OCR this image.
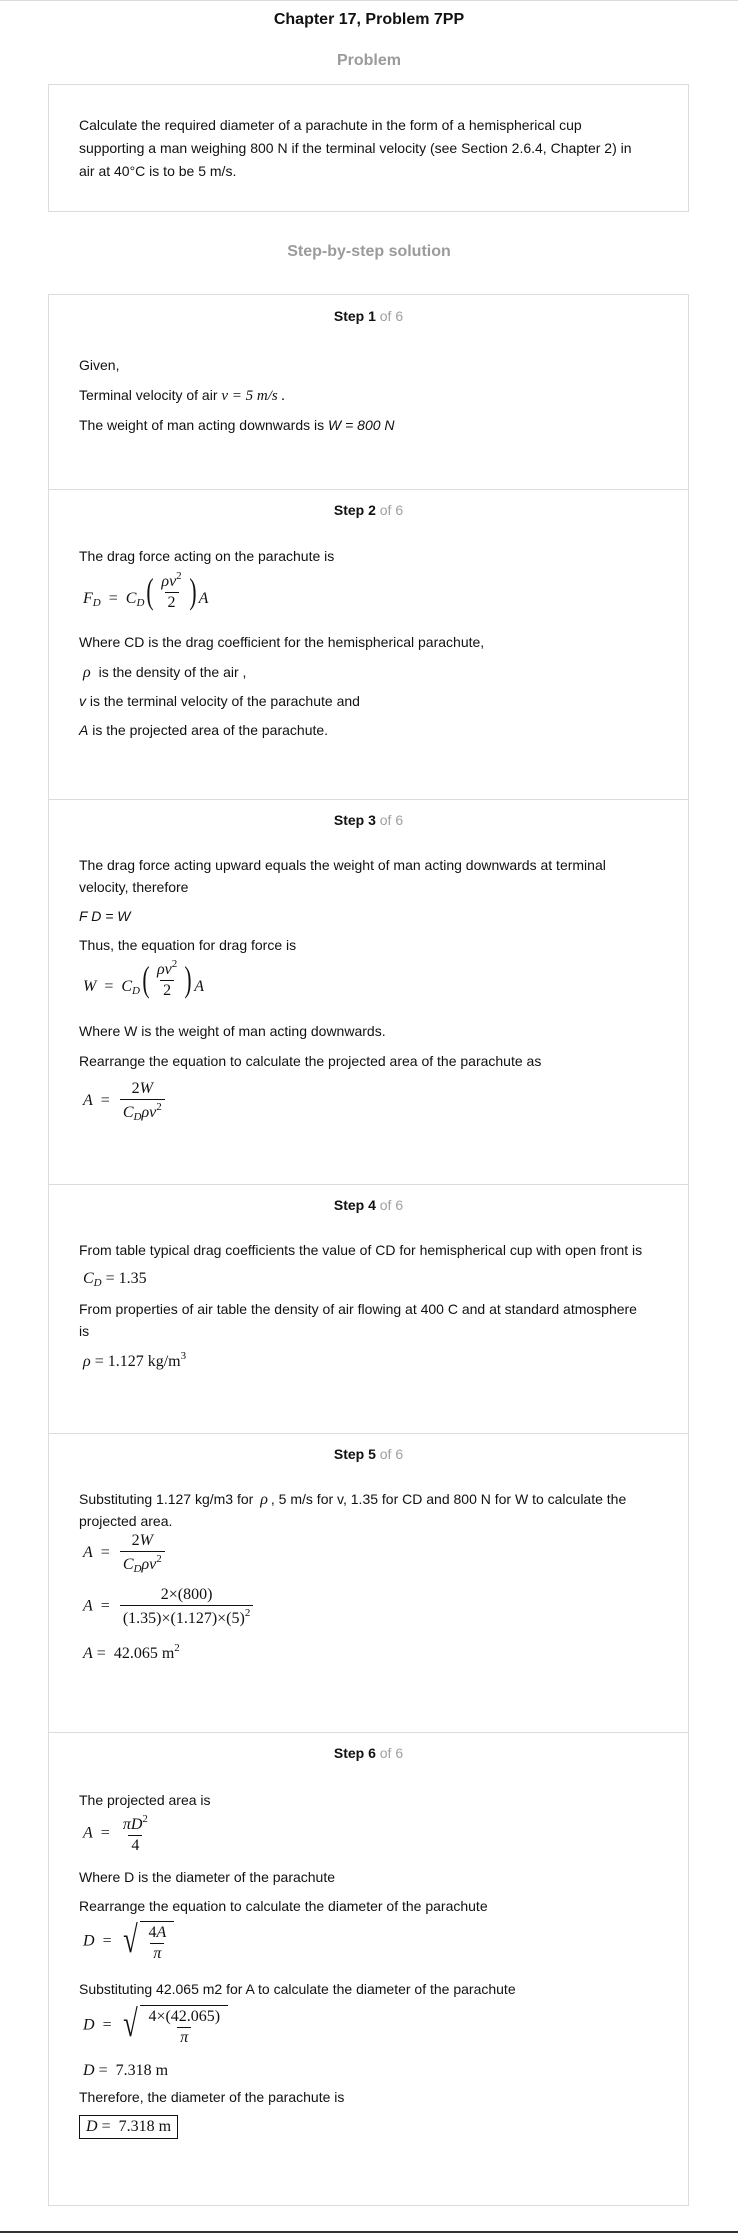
Chapter 17, Problem 7PP
Problem
Calculate the required diameter of a parachute in the form of a hemispherical cup
supporting a man weighing 800 N if the terminal velocity (see Section 2.6.4, Chapter 2) in
air at 40°C is to be 5 m/s.
Step-by-step solution
Step 1 of 6
Given,
Terminal velocity of air v = 5 m/s .
The weight of man acting downwards is W = 800 N
Step 2 of 6
The drag force acting on the parachute is
$F_D = C_D$ ( $\frac{\rho v^2}{2}$ ) A
Where CD is the drag coefficient for the hemispherical parachute,
ρ is the density of the air ,
v is the terminal velocity of the parachute and
A is the projected area of the parachute.
Step 3 of 6
The drag force acting upward equals the weight of man acting downwards at terminal
velocity, therefore
F D = W
Thus, the equation for drag force is
$W = C_D$ ( $\frac{\rho v^2}{2}$ ) A
Where W is the weight of man acting downwards.
Rearrange the equation to calculate the projected area of the parachute as
$A = \frac{2W}{C_D\rho v^2}$
Step 4 of 6
From table typical drag coefficients the value of CD for hemispherical cup with open front is
$C_D = 1.35$
From properties of air table the density of air flowing at 400 C and at standard atmosphere
is
ρ = 1.127 $kg/m^3$
Step 5 of 6
Substituting 1.127 kg/m3 for ρ , 5 m/s for v, 1.35 for CD and 800 N for W to calculate the
projected area.
$A = \frac{2W}{C_D\rho v^2}$
$A = \frac{2\times(800)}{(1.35)\times(1.127)\times(5)^2}$
A =  42.065 $m^2$
Step 6 of 6
The projected area is
$A = \frac{\pi D^2}{4}$
Where D is the diameter of the parachute
Rearrange the equation to calculate the diameter of the parachute
D  = √ $\frac{4A}{\pi}$
Substituting 42.065 m2 for A to calculate the diameter of the parachute
D  = √ $\frac{4\times(42.065)}{\pi}$
D =  7.318 m
Therefore, the diameter of the parachute is
D =  7.318 m
